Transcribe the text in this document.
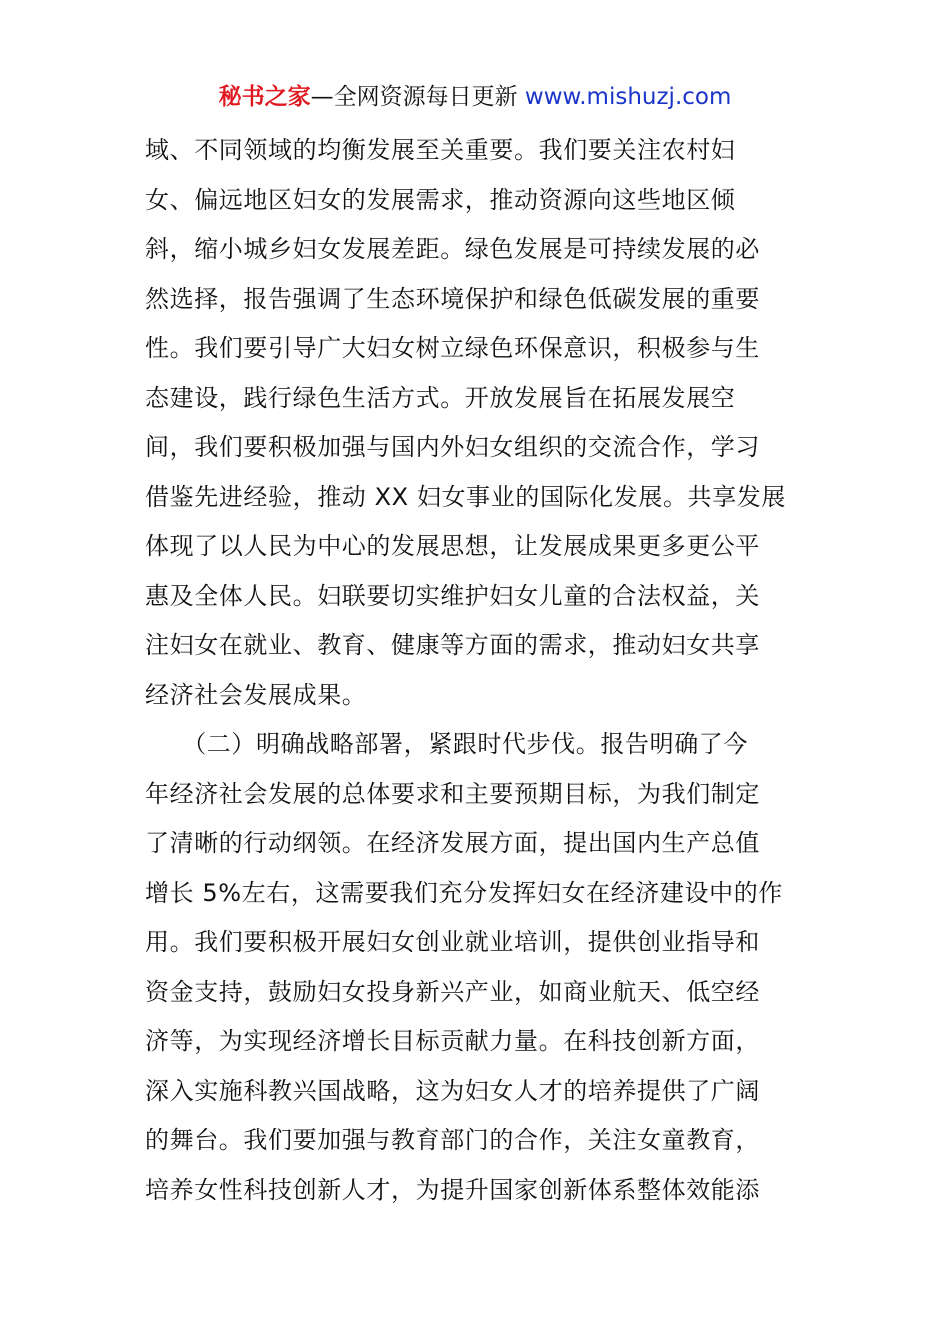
秘书之家—全网资源每日更新 www.mishuzj.com
域、不同领域的均衡发展至关重要。我们要关注农村妇
女、偏远地区妇女的发展需求，推动资源向这些地区倾
斜，缩小城乡妇女发展差距。绿色发展是可持续发展的必
然选择，报告强调了生态环境保护和绿色低碳发展的重要
性。我们要引导广大妇女树立绿色环保意识，积极参与生
态建设，践行绿色生活方式。开放发展旨在拓展发展空
间，我们要积极加强与国内外妇女组织的交流合作，学习
借鉴先进经验，推动 XX 妇女事业的国际化发展。共享发展
体现了以人民为中心的发展思想，让发展成果更多更公平
惠及全体人民。妇联要切实维护妇女儿童的合法权益，关
注妇女在就业、教育、健康等方面的需求，推动妇女共享
经济社会发展成果。
　　（二）明确战略部署，紧跟时代步伐。报告明确了今
年经济社会发展的总体要求和主要预期目标，为我们制定
了清晰的行动纲领。在经济发展方面，提出国内生产总值
增长 5%左右，这需要我们充分发挥妇女在经济建设中的作
用。我们要积极开展妇女创业就业培训，提供创业指导和
资金支持，鼓励妇女投身新兴产业，如商业航天、低空经
济等，为实现经济增长目标贡献力量。在科技创新方面，
深入实施科教兴国战略，这为妇女人才的培养提供了广阔
的舞台。我们要加强与教育部门的合作，关注女童教育，
培养女性科技创新人才，为提升国家创新体系整体效能添
